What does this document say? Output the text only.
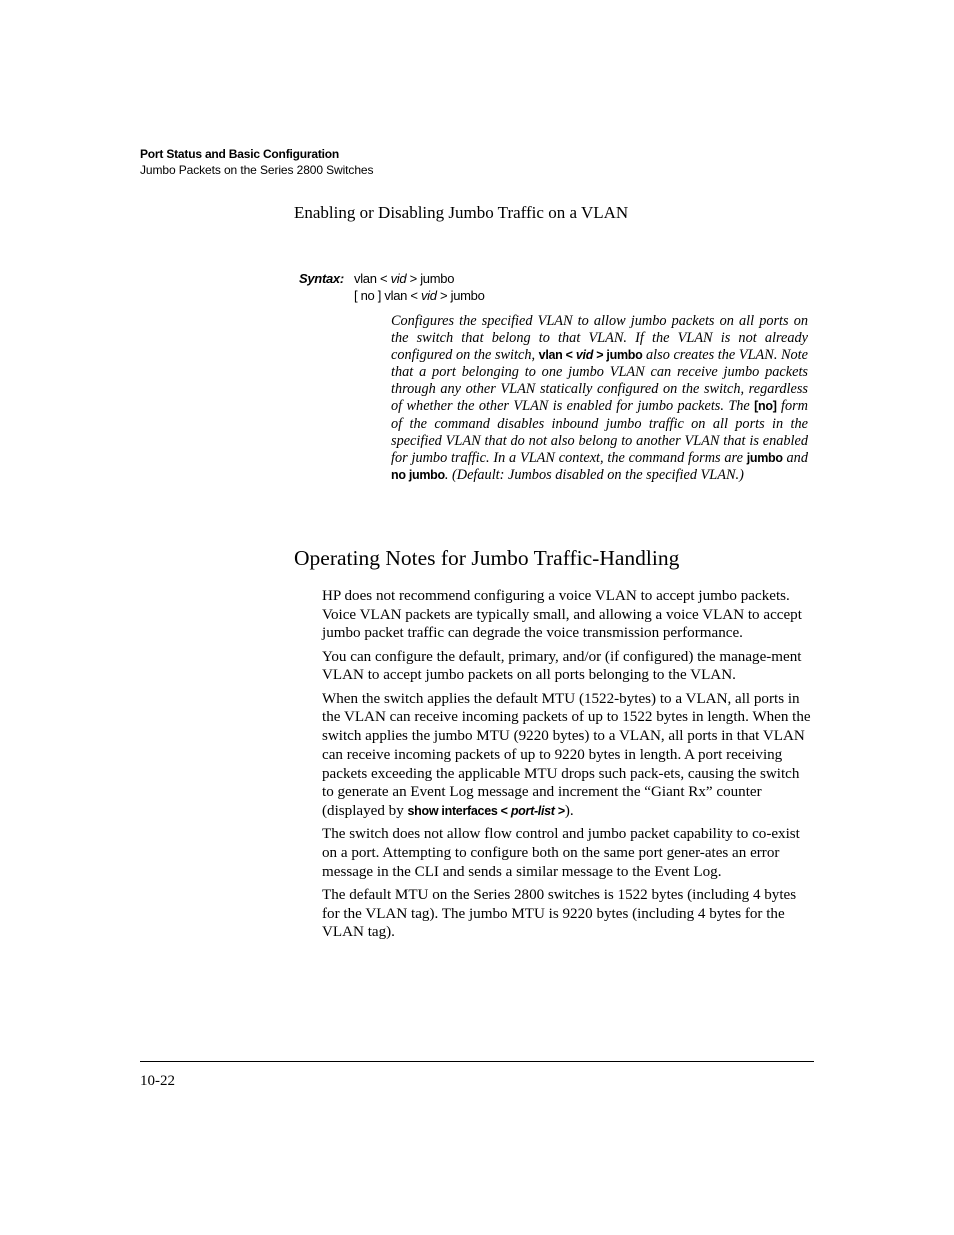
Port Status and Basic Configuration
Jumbo Packets on the Series 2800 Switches
Enabling or Disabling Jumbo Traffic on a VLAN
Syntax: vlan < vid > jumbo
[ no ] vlan < vid > jumbo
Configures the specified VLAN to allow jumbo packets on all ports on the switch that belong to that VLAN. If the VLAN is not already configured on the switch, vlan < vid > jumbo also creates the VLAN. Note that a port belonging to one jumbo VLAN can receive jumbo packets through any other VLAN statically configured on the switch, regardless of whether the other VLAN is enabled for jumbo packets. The [no] form of the command disables inbound jumbo traffic on all ports in the specified VLAN that do not also belong to another VLAN that is enabled for jumbo traffic. In a VLAN context, the command forms are jumbo and no jumbo. (Default: Jumbos disabled on the specified VLAN.)
Operating Notes for Jumbo Traffic-Handling

HP does not recommend configuring a voice VLAN to accept jumbo packets. Voice VLAN packets are typically small, and allowing a voice VLAN to accept jumbo packet traffic can degrade the voice transmission performance.

You can configure the default, primary, and/or (if configured) the manage-ment VLAN to accept jumbo packets on all ports belonging to the VLAN.

When the switch applies the default MTU (1522-bytes) to a VLAN, all ports in the VLAN can receive incoming packets of up to 1522 bytes in length. When the switch applies the jumbo MTU (9220 bytes) to a VLAN, all ports in that VLAN can receive incoming packets of up to 9220 bytes in length. A port receiving packets exceeding the applicable MTU drops such pack-ets, causing the switch to generate an Event Log message and increment the “Giant Rx” counter (displayed by show interfaces < port-list >).

The switch does not allow flow control and jumbo packet capability to co-exist on a port. Attempting to configure both on the same port gener-ates an error message in the CLI and sends a similar message to the Event Log.

The default MTU on the Series 2800 switches is 1522 bytes (including 4 bytes for the VLAN tag). The jumbo MTU is 9220 bytes (including 4 bytes for the VLAN tag).

10-22
